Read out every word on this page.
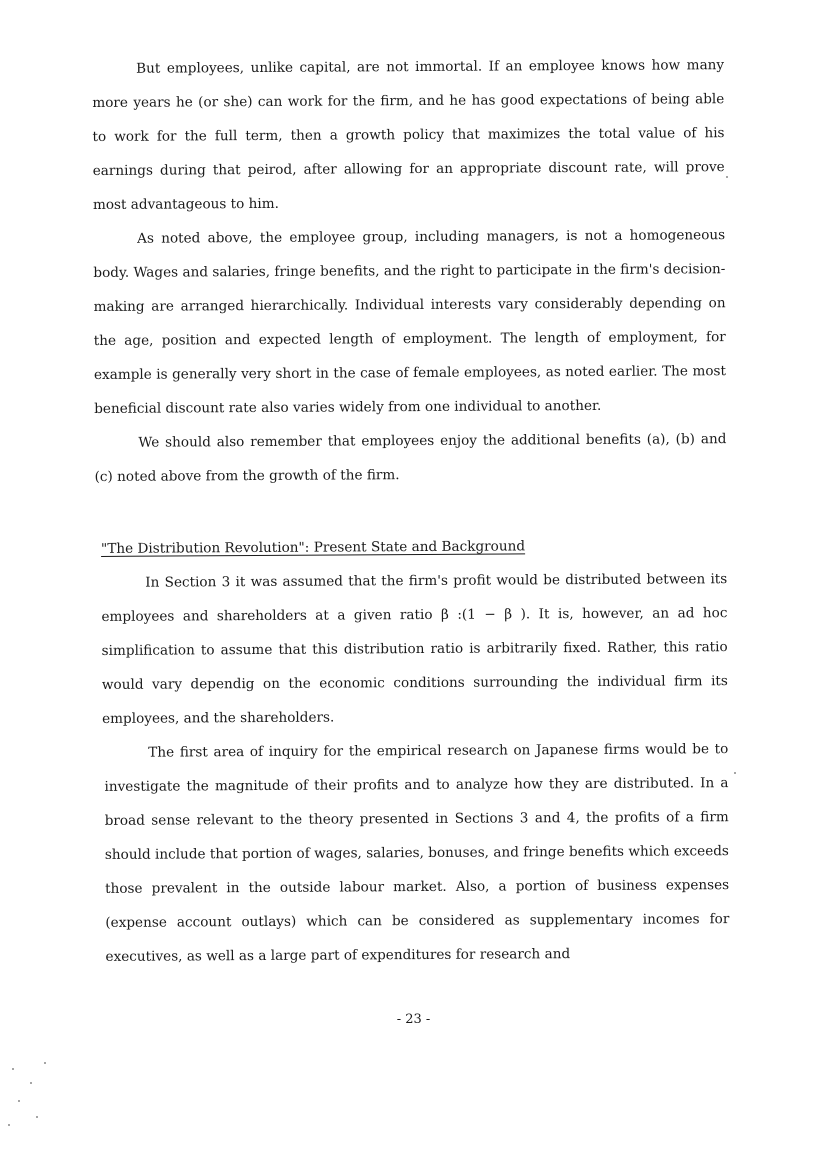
But employees, unlike capital, are not immortal. If an employee knows how many more years he (or she) can work for the firm, and he has good expectations of being able to work for the full term, then a growth policy that maximizes the total value of his earnings during that peirod, after allowing for an appropriate discount rate, will prove most advantageous to him.

As noted above, the employee group, including managers, is not a homogeneous body. Wages and salaries, fringe benefits, and the right to participate in the firm's decision-making are arranged hierarchically. Individual interests vary considerably depending on the age, position and expected length of employment. The length of employment, for example is generally very short in the case of female employees, as noted earlier. The most beneficial discount rate also varies widely from one individual to another.

We should also remember that employees enjoy the additional benefits (a), (b) and (c) noted above from the growth of the firm.

"The Distribution Revolution": Present State and Background

In Section 3 it was assumed that the firm's profit would be distributed between its employees and shareholders at a given ratio β :(1 − β ). It is, however, an ad hoc simplification to assume that this distribution ratio is arbitrarily fixed. Rather, this ratio would vary dependig on the economic conditions surrounding the individual firm its employees, and the shareholders.

The first area of inquiry for the empirical research on Japanese firms would be to investigate the magnitude of their profits and to analyze how they are distributed. In a broad sense relevant to the theory presented in Sections 3 and 4, the profits of a firm should include that portion of wages, salaries, bonuses, and fringe benefits which exceeds those prevalent in the outside labour market. Also, a portion of business expenses (expense account outlays) which can be considered as supplementary incomes for executives, as well as a large part of expenditures for research and

- 23 -
